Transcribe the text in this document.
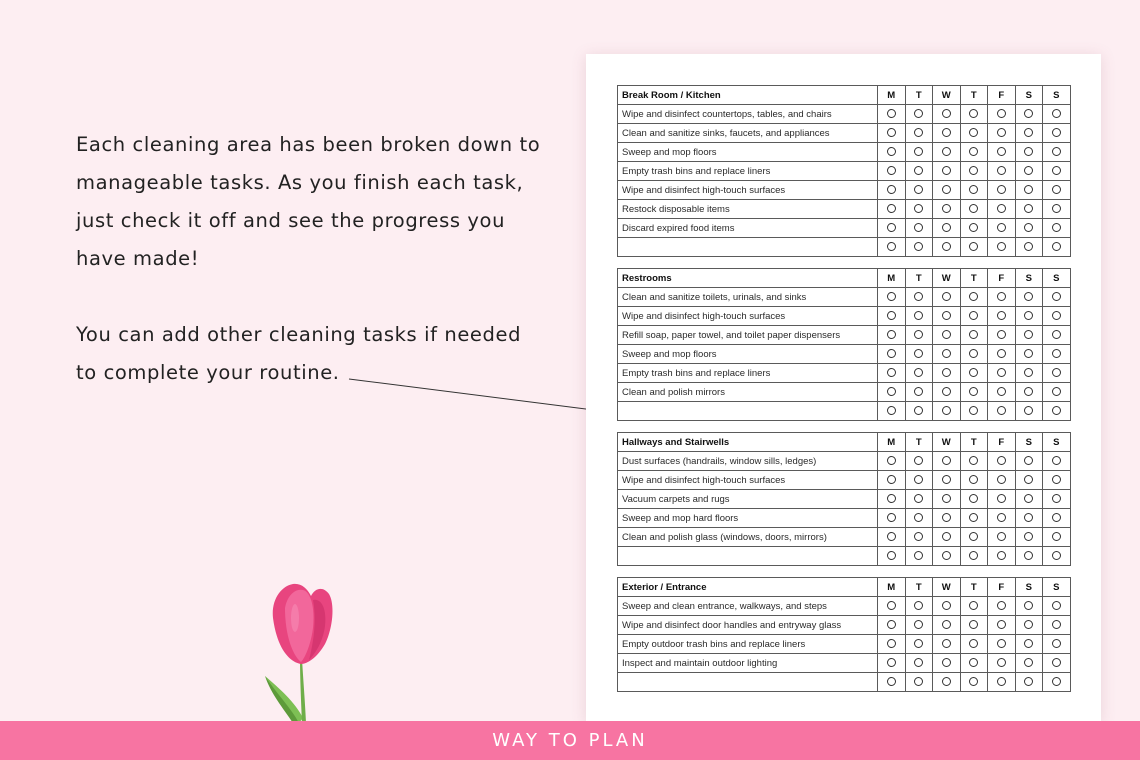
Each cleaning area has been broken down to manageable tasks. As you finish each task, just check it off and see the progress you have made!

You can add other cleaning tasks if needed to complete your routine.

Break Room / Kitchen	M	T	W	T	F	S	S
Wipe and disinfect countertops, tables, and chairs							
Clean and sanitize sinks, faucets, and appliances							
Sweep and mop floors							
Empty trash bins and replace liners							
Wipe and disinfect high-touch surfaces							
Restock disposable items							
Discard expired food items							

Restrooms	M	T	W	T	F	S	S
Clean and sanitize toilets, urinals, and sinks							
Wipe and disinfect high-touch surfaces							
Refill soap, paper towel, and toilet paper dispensers							
Sweep and mop floors							
Empty trash bins and replace liners							
Clean and polish mirrors							

Hallways and Stairwells	M	T	W	T	F	S	S
Dust surfaces (handrails, window sills, ledges)							
Wipe and disinfect high-touch surfaces							
Vacuum carpets and rugs							
Sweep and mop hard floors							
Clean and polish glass (windows, doors, mirrors)							

Exterior / Entrance	M	T	W	T	F	S	S
Sweep and clean entrance, walkways, and steps							
Wipe and disinfect door handles and entryway glass							
Empty outdoor trash bins and replace liners							
Inspect and maintain outdoor lighting							

WAY TO PLAN
